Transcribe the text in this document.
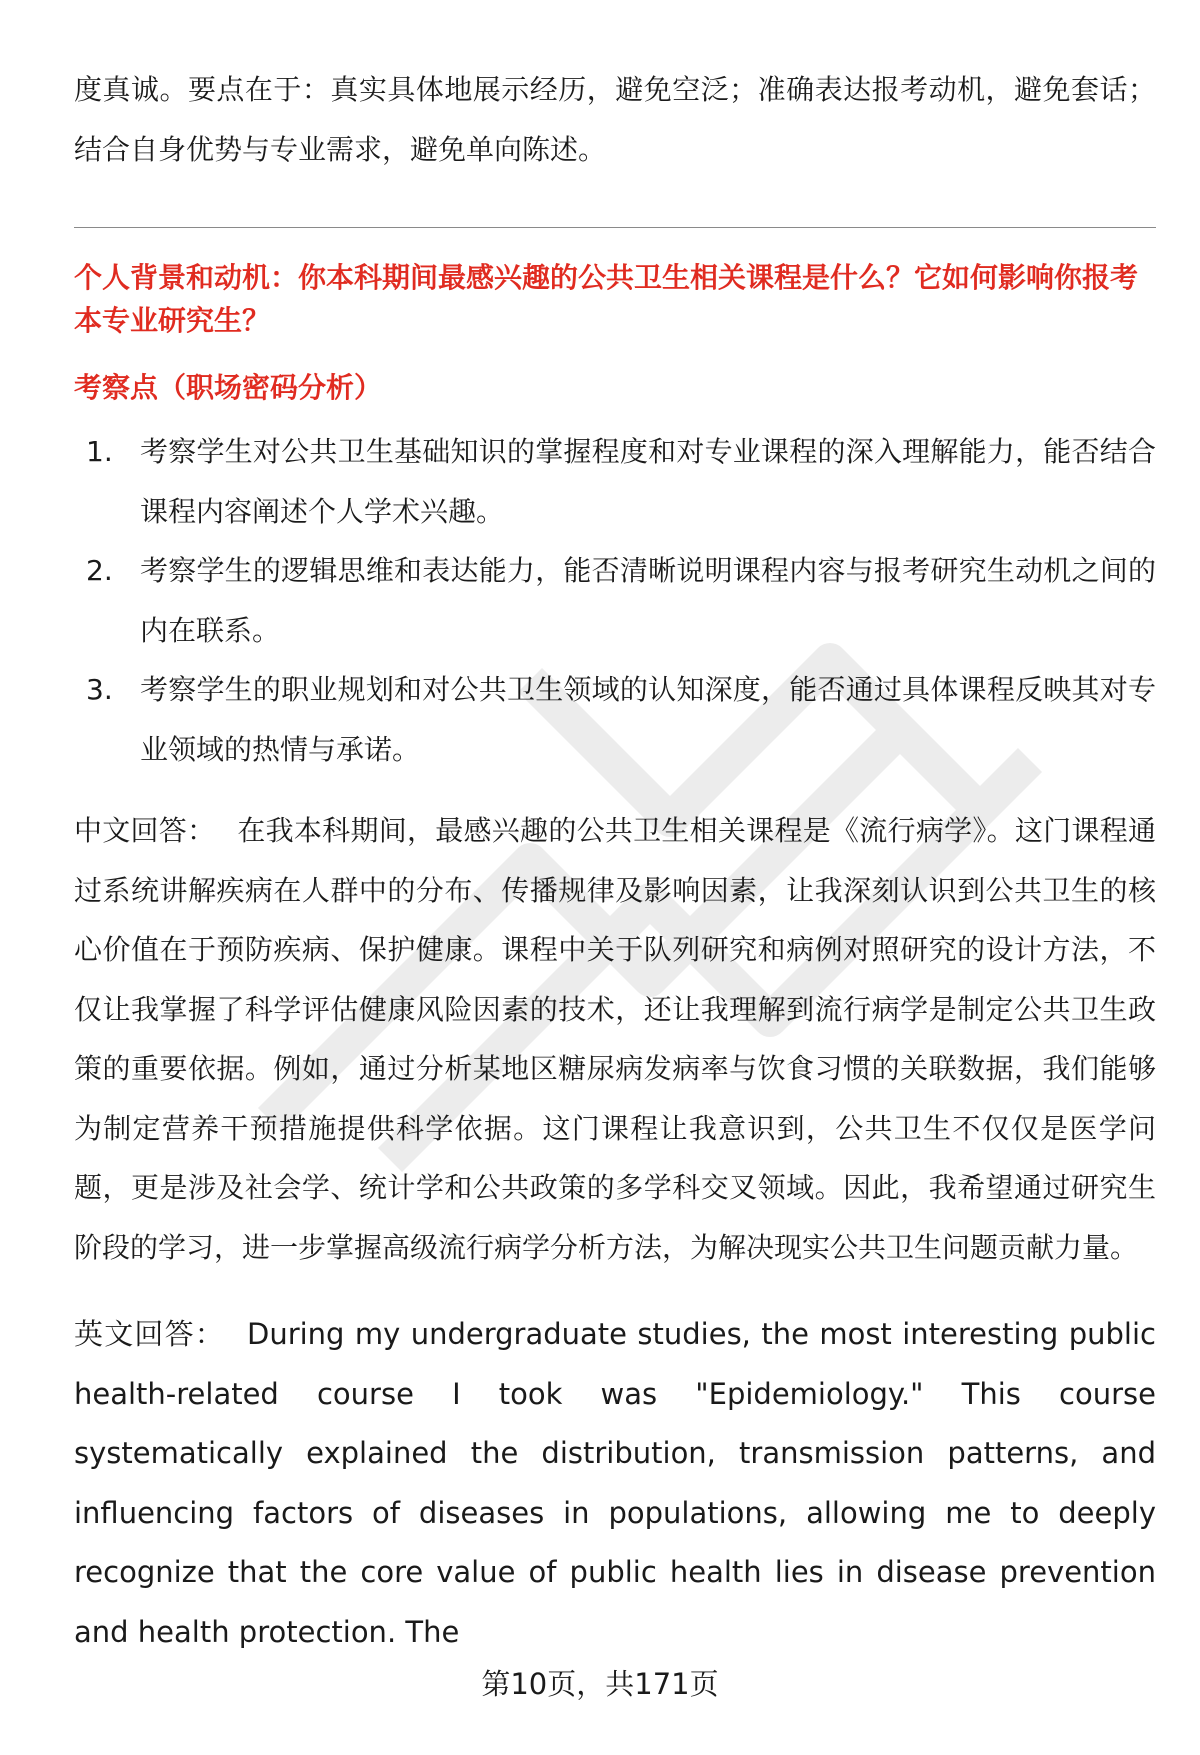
度真诚。要点在于：真实具体地展示经历，避免空泛；准确表达报考动机，避免套话；结合自身优势与专业需求，避免单向陈述。

个人背景和动机：你本科期间最感兴趣的公共卫生相关课程是什么？它如何影响你报考本专业研究生？

考察点（职场密码分析）

1. 考察学生对公共卫生基础知识的掌握程度和对专业课程的深入理解能力，能否结合课程内容阐述个人学术兴趣。
2. 考察学生的逻辑思维和表达能力，能否清晰说明课程内容与报考研究生动机之间的内在联系。
3. 考察学生的职业规划和对公共卫生领域的认知深度，能否通过具体课程反映其对专业领域的热情与承诺。

中文回答： 在我本科期间，最感兴趣的公共卫生相关课程是《流行病学》。这门课程通过系统讲解疾病在人群中的分布、传播规律及影响因素，让我深刻认识到公共卫生的核心价值在于预防疾病、保护健康。课程中关于队列研究和病例对照研究的设计方法，不仅让我掌握了科学评估健康风险因素的技术，还让我理解到流行病学是制定公共卫生政策的重要依据。例如，通过分析某地区糖尿病发病率与饮食习惯的关联数据，我们能够为制定营养干预措施提供科学依据。这门课程让我意识到，公共卫生不仅仅是医学问题，更是涉及社会学、统计学和公共政策的多学科交叉领域。因此，我希望通过研究生阶段的学习，进一步掌握高级流行病学分析方法，为解决现实公共卫生问题贡献力量。

英文回答： During my undergraduate studies, the most interesting public health-related course I took was "Epidemiology." This course systematically explained the distribution, transmission patterns, and influencing factors of diseases in populations, allowing me to deeply recognize that the core value of public health lies in disease prevention and health protection. The

第10页，共171页
